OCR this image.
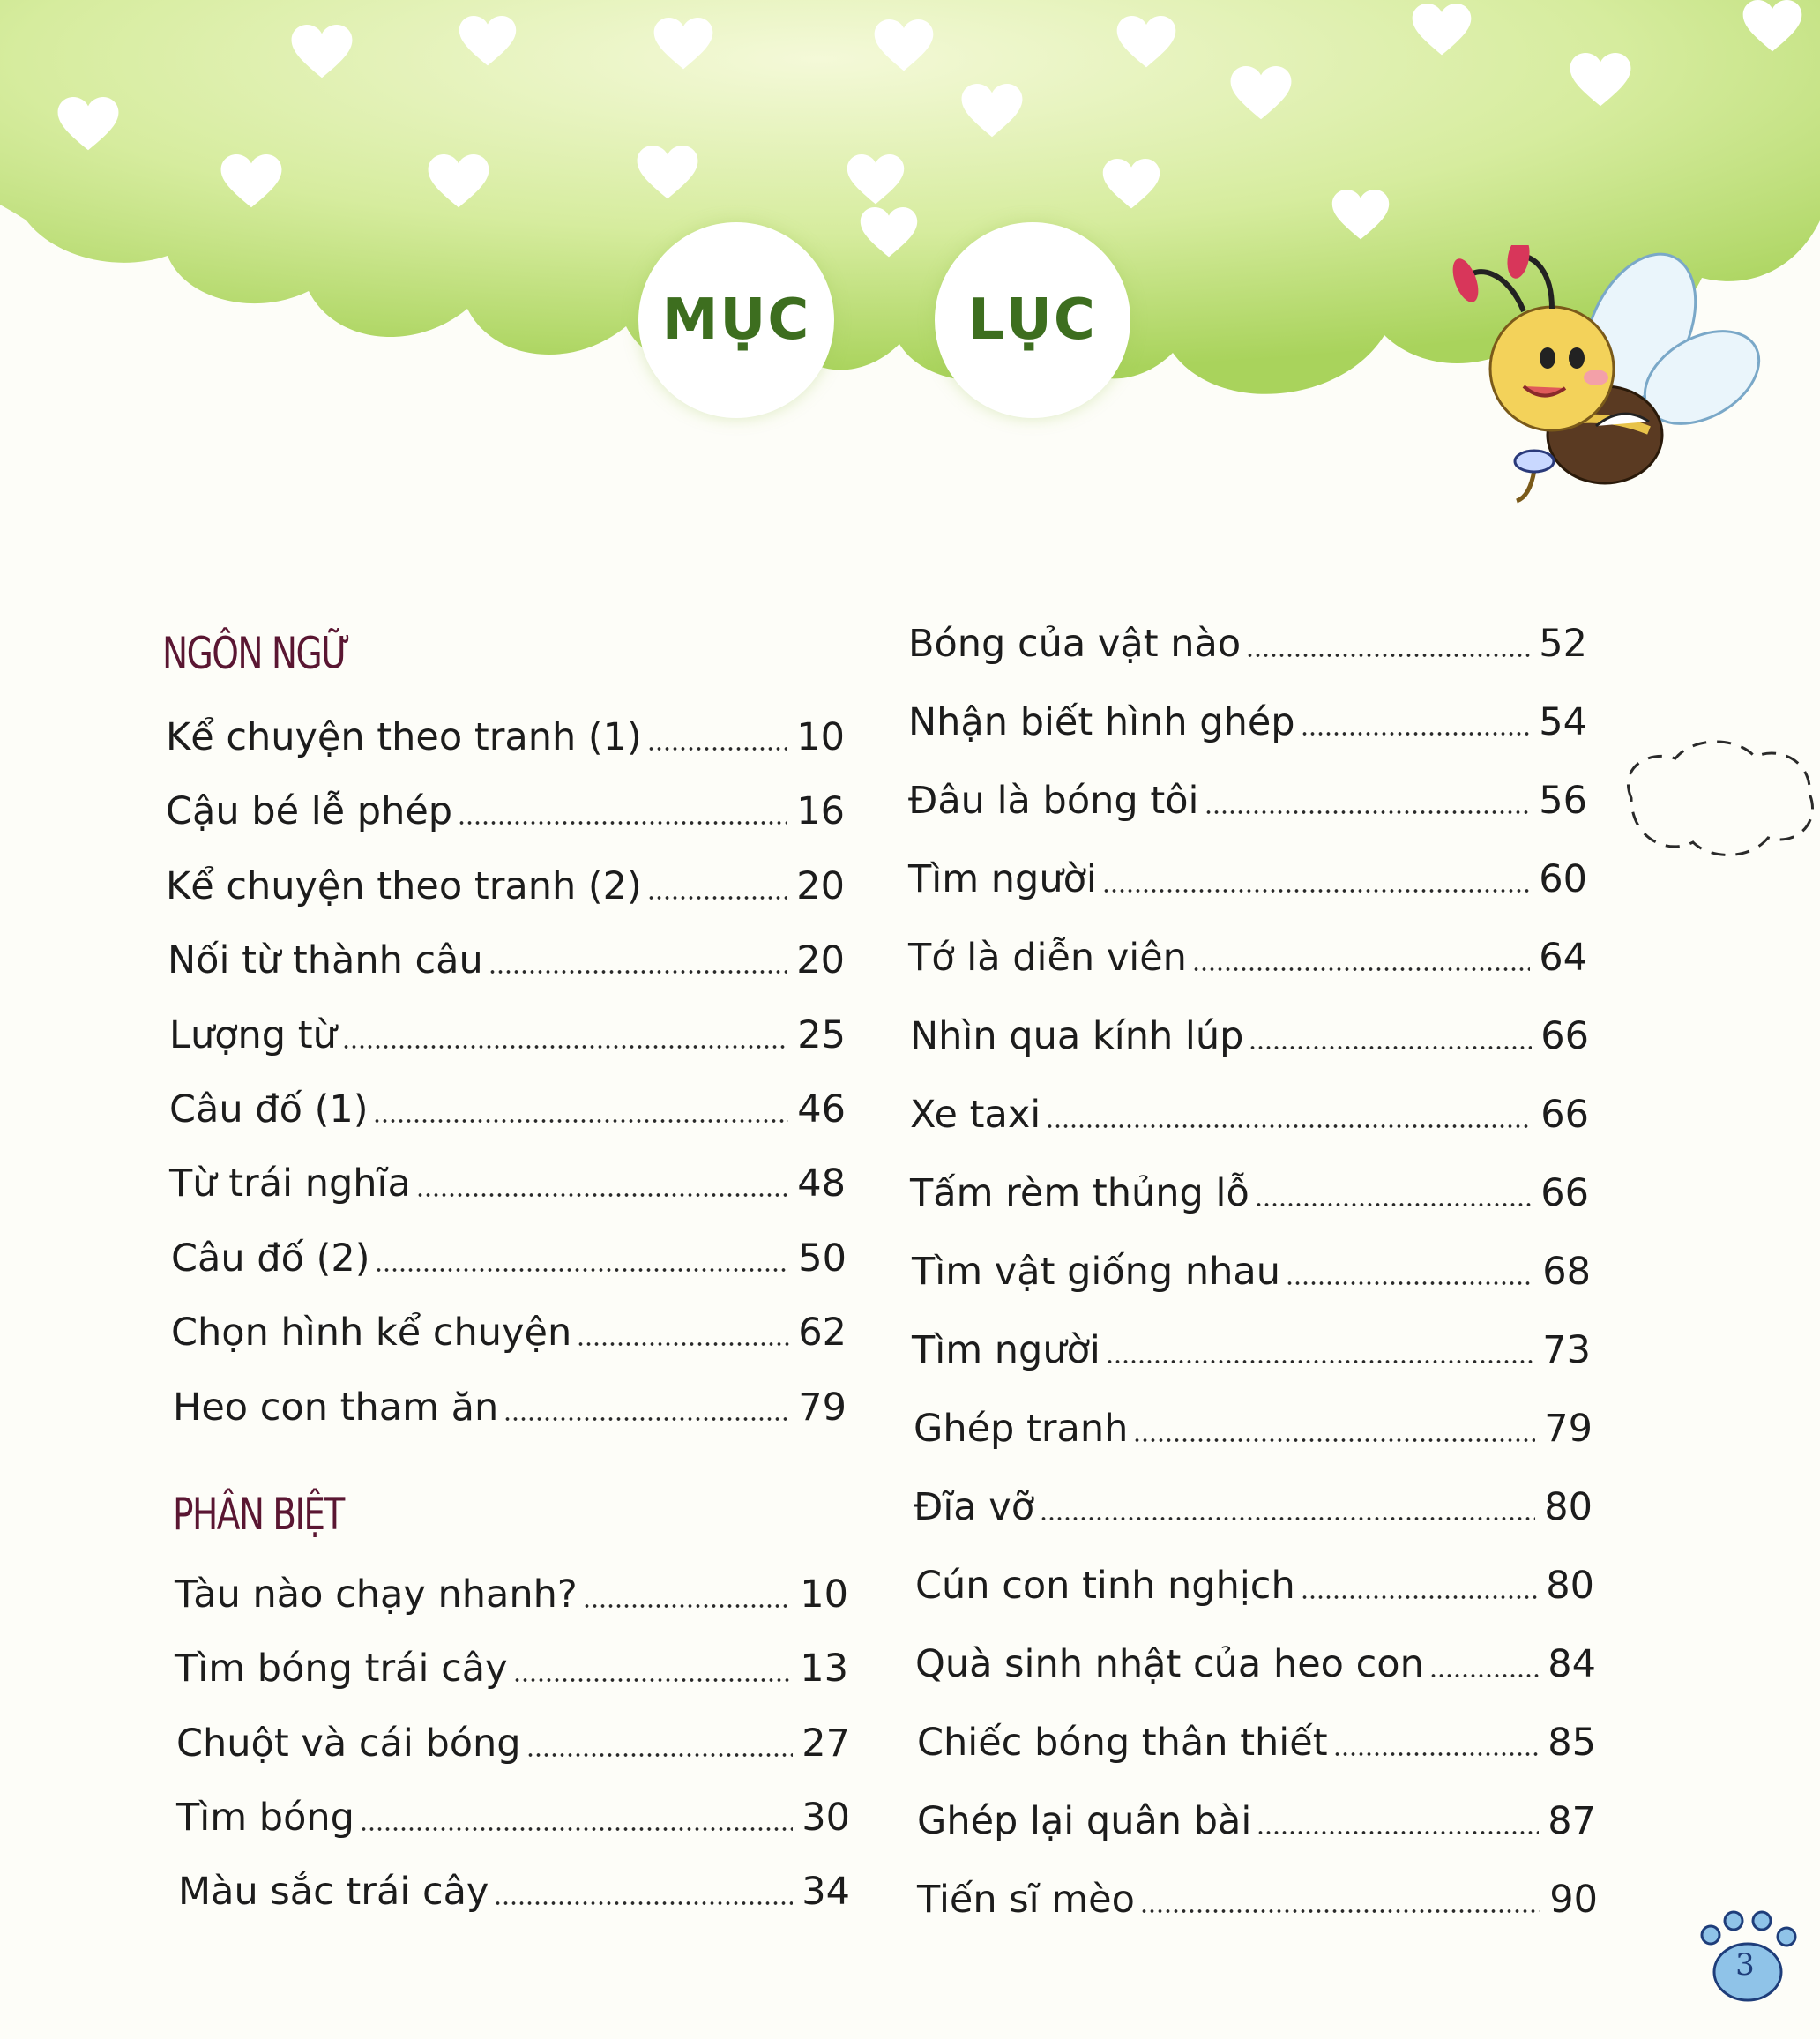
MỤC	LỤC
NGÔN NGỮ
Kể chuyện theo tranh (1)	10
Cậu bé lễ phép	16
Kể chuyện theo tranh (2)	20
Nối từ thành câu	20
Lượng từ	25
Câu đố (1)	46
Từ trái nghĩa	48
Câu đố (2)	50
Chọn hình kể chuyện	62
Heo con tham ăn	79
PHÂN BIỆT
Tàu nào chạy nhanh?	10
Tìm bóng trái cây	13
Chuột và cái bóng	27
Tìm bóng	30
Màu sắc trái cây	34
Bóng của vật nào	52
Nhận biết hình ghép	54
Đâu là bóng tôi	56
Tìm người	60
Tớ là diễn viên	64
Nhìn qua kính lúp	66
Xe taxi	66
Tấm rèm thủng lỗ	66
Tìm vật giống nhau	68
Tìm người	73
Ghép tranh	79
Đĩa vỡ	80
Cún con tinh nghịch	80
Quà sinh nhật của heo con	84
Chiếc bóng thân thiết	85
Ghép lại quân bài	87
Tiến sĩ mèo	90
3
